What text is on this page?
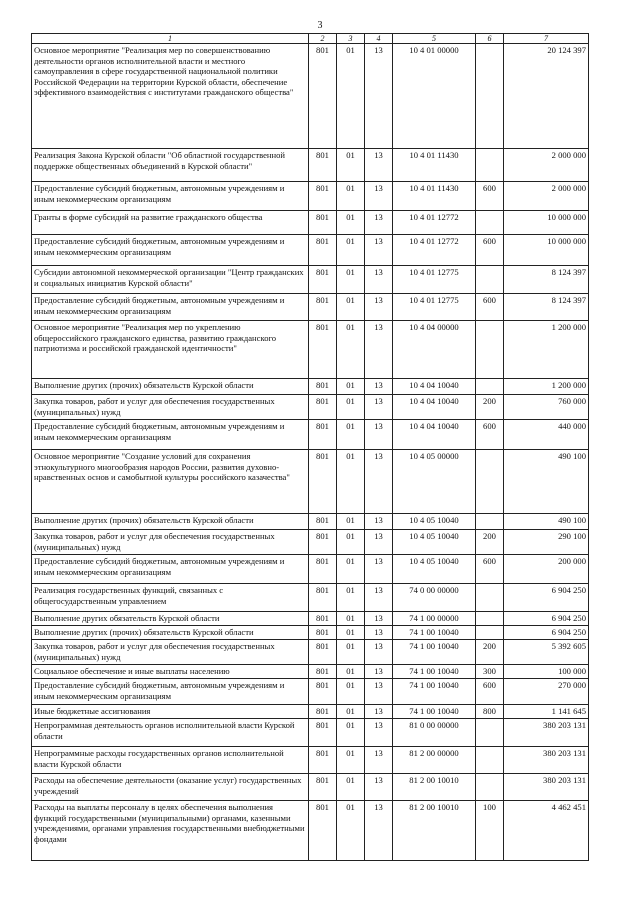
3
1	2	3	4	5	6	7
Основное мероприятие "Реализация мер по совершенствованию деятельности органов исполнительной власти и местного самоуправления в сфере государственной национальной политики Российской Федерации на территории Курской области, обеспечение эффективного взаимодействия с институтами гражданского общества"	801	01	13	10 4 01 00000		20 124 397
Реализация Закона Курской области "Об областной государственной поддержке общественных объединений в Курской области"	801	01	13	10 4 01 11430		2 000 000
Предоставление субсидий бюджетным, автономным учреждениям и иным некоммерческим организациям	801	01	13	10 4 01 11430	600	2 000 000
Гранты в форме субсидий на развитие гражданского общества	801	01	13	10 4 01 12772		10 000 000
Предоставление субсидий бюджетным, автономным учреждениям и иным некоммерческим организациям	801	01	13	10 4 01 12772	600	10 000 000
Субсидии автономной некоммерческой организации "Центр гражданских и социальных инициатив Курской области"	801	01	13	10 4 01 12775		8 124 397
Предоставление субсидий бюджетным, автономным учреждениям и иным некоммерческим организациям	801	01	13	10 4 01 12775	600	8 124 397
Основное мероприятие "Реализация мер по укреплению общероссийского гражданского единства, развитию гражданского патриотизма и российской гражданской идентичности"	801	01	13	10 4 04 00000		1 200 000
Выполнение других (прочих) обязательств Курской области	801	01	13	10 4 04 10040		1 200 000
Закупка товаров, работ и услуг для обеспечения государственных (муниципальных) нужд	801	01	13	10 4 04 10040	200	760 000
Предоставление субсидий бюджетным, автономным учреждениям и иным некоммерческим организациям	801	01	13	10 4 04 10040	600	440 000
Основное мероприятие "Создание условий для сохранения этнокультурного многообразия народов России, развития духовно-нравственных основ и самобытной культуры российского казачества"	801	01	13	10 4 05 00000		490 100
Выполнение других (прочих) обязательств Курской области	801	01	13	10 4 05 10040		490 100
Закупка товаров, работ и услуг для обеспечения государственных (муниципальных) нужд	801	01	13	10 4 05 10040	200	290 100
Предоставление субсидий бюджетным, автономным учреждениям и иным некоммерческим организациям	801	01	13	10 4 05 10040	600	200 000
Реализация государственных функций, связанных с общегосударственным управлением	801	01	13	74 0 00 00000		6 904 250
Выполнение других обязательств Курской области	801	01	13	74 1 00 00000		6 904 250
Выполнение других (прочих) обязательств Курской области	801	01	13	74 1 00 10040		6 904 250
Закупка товаров, работ и услуг для обеспечения государственных (муниципальных) нужд	801	01	13	74 1 00 10040	200	5 392 605
Социальное обеспечение и иные выплаты населению	801	01	13	74 1 00 10040	300	100 000
Предоставление субсидий бюджетным, автономным учреждениям и иным некоммерческим организациям	801	01	13	74 1 00 10040	600	270 000
Иные бюджетные ассигнования	801	01	13	74 1 00 10040	800	1 141 645
Непрограммная деятельность органов исполнительной власти Курской области	801	01	13	81 0 00 00000		380 203 131
Непрограммные расходы государственных органов исполнительной власти Курской области	801	01	13	81 2 00 00000		380 203 131
Расходы на обеспечение деятельности (оказание услуг) государственных учреждений	801	01	13	81 2 00 10010		380 203 131
Расходы на выплаты персоналу в целях обеспечения выполнения функций государственными (муниципальными) органами, казенными учреждениями, органами управления государственными внебюджетными фондами	801	01	13	81 2 00 10010	100	4 462 451
